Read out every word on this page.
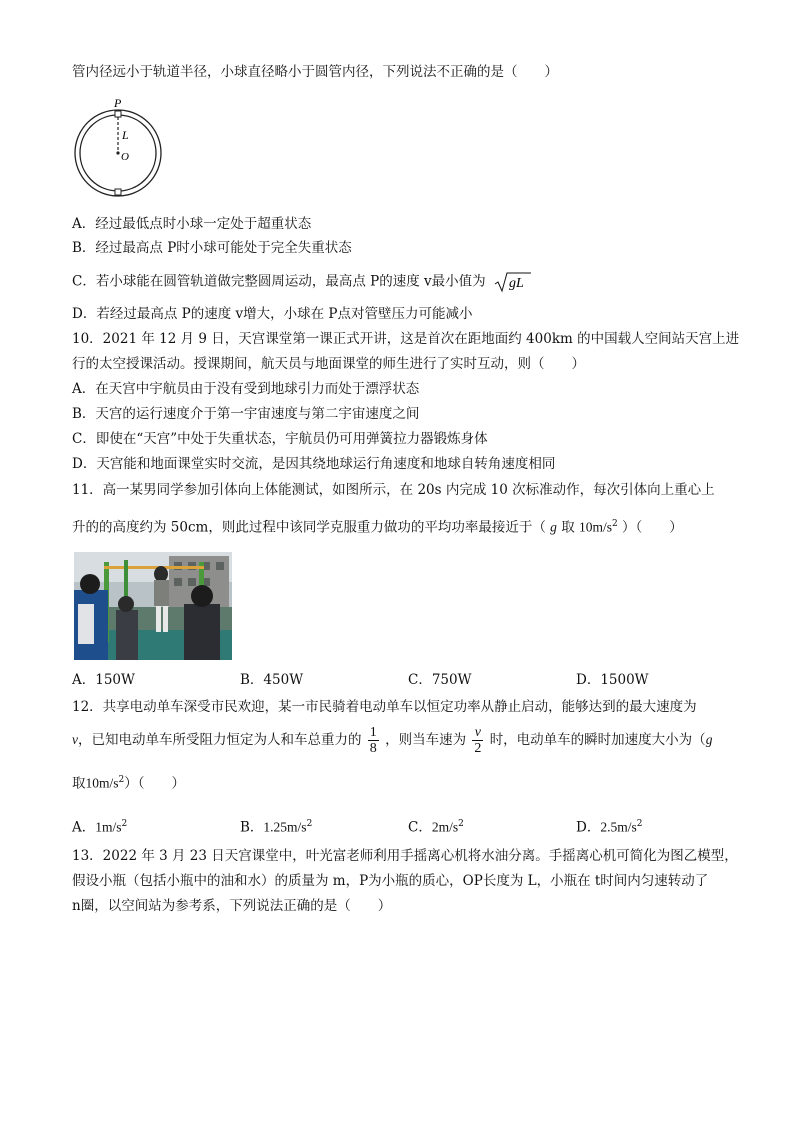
管内径远小于轨道半径，小球直径略小于圆管内径，下列说法不正确的是（　　）
P
L
O
A．经过最低点时小球一定处于超重状态
B．经过最高点 P时小球可能处于完全失重状态
C．若小球能在圆管轨道做完整圆周运动，最高点 P的速度 v最小值为 gL
D．若经过最高点 P的速度 v增大，小球在 P点对管壁压力可能减小
10．2021 年 12 月 9 日，天宫课堂第一课正式开讲，这是首次在距地面约 400km 的中国载人空间站天宫上进
行的太空授课活动。授课期间，航天员与地面课堂的师生进行了实时互动，则（　　）
A．在天宫中宇航员由于没有受到地球引力而处于漂浮状态
B．天宫的运行速度介于第一宇宙速度与第二宇宙速度之间
C．即使在“天宫”中处于失重状态，宇航员仍可用弹簧拉力器锻炼身体
D．天宫能和地面课堂实时交流，是因其绕地球运行角速度和地球自转角速度相同
11．高一某男同学参加引体向上体能测试，如图所示，在 20s 内完成 10 次标准动作，每次引体向上重心上
升的的高度约为 50cm，则此过程中该同学克服重力做功的平均功率最接近于（ g 取 $10m/s^2$ ）（　　）
A．150W	B．450W	C．750W	D．1500W
12．共享电动单车深受市民欢迎，某一市民骑着电动单车以恒定功率从静止启动，能够达到的最大速度为
v，已知电动单车所受阻力恒定为人和车总重力的 $\frac{1}{8}$ ，则当车速为 $\frac{v}{2}$ 时，电动单车的瞬时加速度大小为（g
取$10m/s^2$）（　　）
A．$1m/s^2$	B．$1.25m/s^2$	C．$2m/s^2$	D．$2.5m/s^2$
13．2022 年 3 月 23 日天宫课堂中，叶光富老师利用手摇离心机将水油分离。手摇离心机可简化为图乙模型，
假设小瓶（包括小瓶中的油和水）的质量为 m，P为小瓶的质心，OP长度为 L，小瓶在 t时间内匀速转动了
n圈，以空间站为参考系，下列说法正确的是（　　）
